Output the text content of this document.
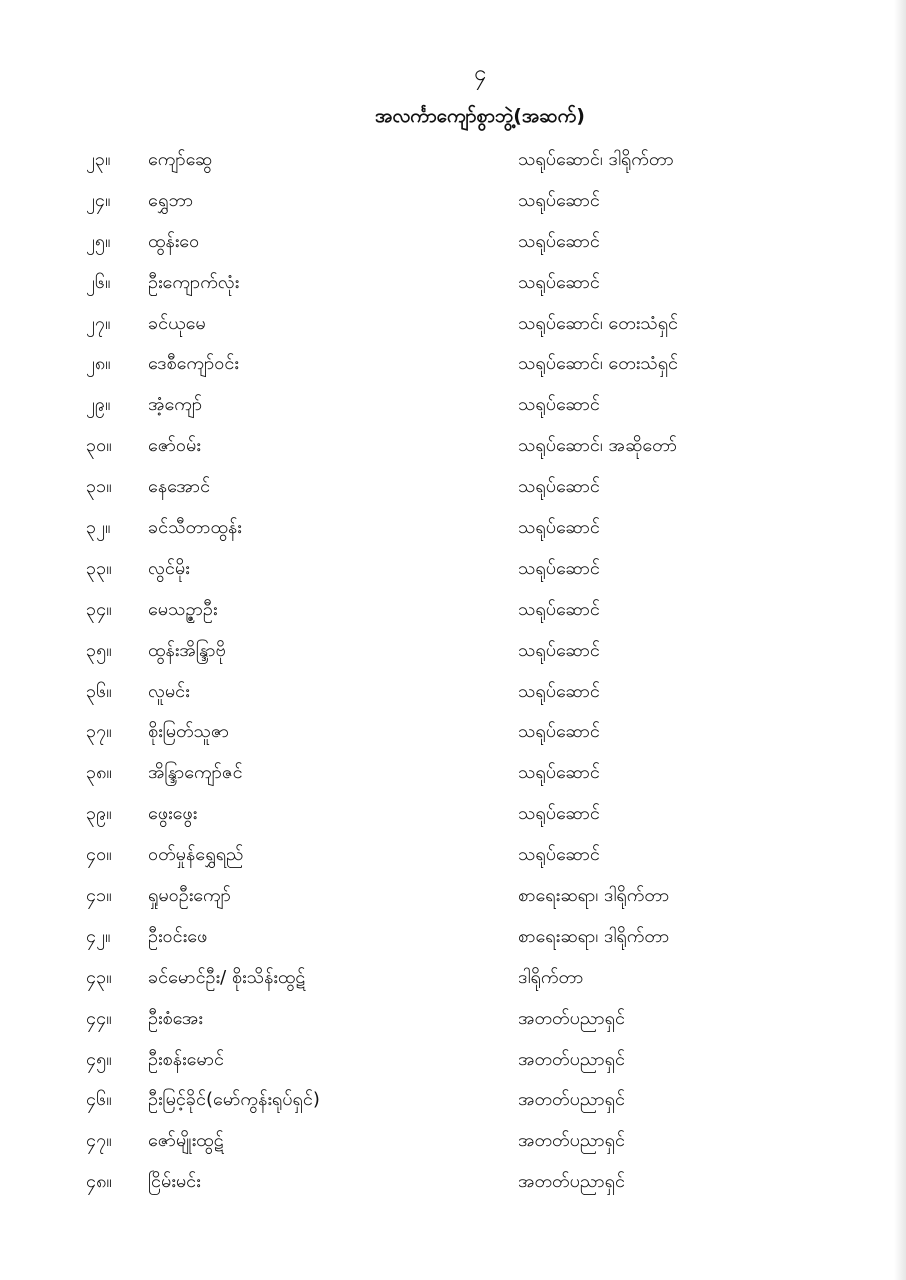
၄
အလင်္ကာကျော်စွာဘွဲ့(အဆက်)
၂၃။ ကျော်ဆွေ	သရုပ်ဆောင်၊ ဒါရိုက်တာ
၂၄။ ရွှေဘာ	သရုပ်ဆောင်
၂၅။ ထွန်းဝေ	သရုပ်ဆောင်
၂၆။ ဦးကျောက်လုံး	သရုပ်ဆောင်
၂၇။ ခင်ယုမေ	သရုပ်ဆောင်၊ တေးသံရှင်
၂၈။ ဒေစီကျော်ဝင်း	သရုပ်ဆောင်၊ တေးသံရှင်
၂၉။ အံ့ကျော်	သရုပ်ဆောင်
၃၀။ ဇော်ဝမ်း	သရုပ်ဆောင်၊ အဆိုတော်
၃၁။ နေအောင်	သရုပ်ဆောင်
၃၂။ ခင်သီတာထွန်း	သရုပ်ဆောင်
၃၃။ လွင်မိုး	သရုပ်ဆောင်
၃၄။ မေသဥ္ဇာဦး	သရုပ်ဆောင်
၃၅။ ထွန်းအိန္ဒြာဗို	သရုပ်ဆောင်
၃၆။ လူမင်း	သရုပ်ဆောင်
၃၇။ စိုးမြတ်သူဇာ	သရုပ်ဆောင်
၃၈။ အိန္ဒြာကျော်ဇင်	သရုပ်ဆောင်
၃၉။ ဖွေးဖွေး	သရုပ်ဆောင်
၄၀။ ဝတ်မှုန်ရွှေရည်	သရုပ်ဆောင်
၄၁။ ရှုမဝဦးကျော်	စာရေးဆရာ၊ ဒါရိုက်တာ
၄၂။ ဦးဝင်းဖေ	စာရေးဆရာ၊ ဒါရိုက်တာ
၄၃။ ခင်မောင်ဦး/ စိုးသိန်းထွဋ်	ဒါရိုက်တာ
၄၄။ ဦးစံအေး	အတတ်ပညာရှင်
၄၅။ ဦးစန်းမောင်	အတတ်ပညာရှင်
၄၆။ ဦးမြင့်ခိုင်(မော်ကွန်းရုပ်ရှင်)	အတတ်ပညာရှင်
၄၇။ ဇော်မျိုးထွဋ်	အတတ်ပညာရှင်
၄၈။ ငြိမ်းမင်း	အတတ်ပညာရှင်
